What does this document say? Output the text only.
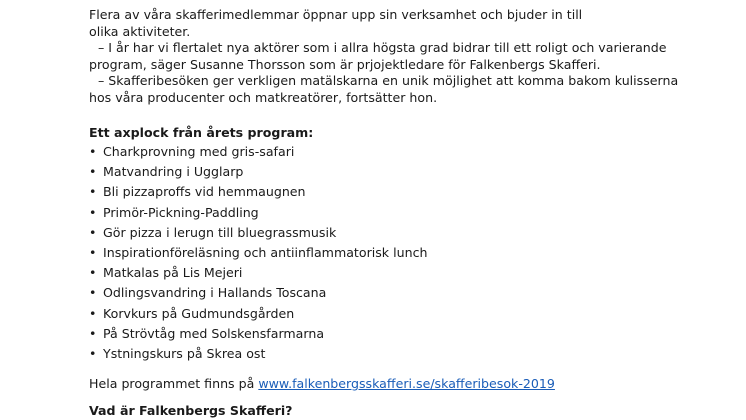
Flera av våra skafferimedlemmar öppnar upp sin verksamhet och bjuder in till
olika aktiviteter.
– I år har vi flertalet nya aktörer som i allra högsta grad bidrar till ett roligt och varierande
program, säger Susanne Thorsson som är prjojektledare för Falkenbergs Skafferi.
– Skafferibesöken ger verkligen matälskarna en unik möjlighet att komma bakom kulisserna
hos våra producenter och matkreatörer, fortsätter hon.
Ett axplock från årets program:
• Charkprovning med gris-safari
• Matvandring i Ugglarp
• Bli pizzaproffs vid hemmaugnen
• Primör-Pickning-Paddling
• Gör pizza i lerugn till bluegrassmusik
• Inspirationföreläsning och antiinflammatorisk lunch
• Matkalas på Lis Mejeri
• Odlingsvandring i Hallands Toscana
• Korvkurs på Gudmundsgården
• På Strövtåg med Solskensfarmarna
• Ystningskurs på Skrea ost
Hela programmet finns på www.falkenbergsskafferi.se/skafferibesok-2019
Vad är Falkenbergs Skafferi?
